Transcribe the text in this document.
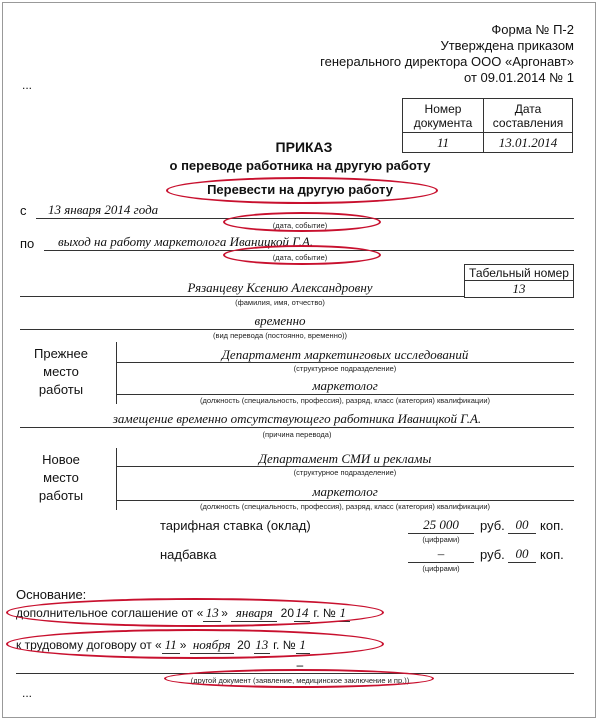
Форма № П-2
Утверждена приказом
генерального директора ООО «Аргонавт»
от 09.01.2014 № 1
...
Номер документа	Дата составления
11	13.01.2014
ПРИКАЗ
о переводе работника на другую работу
Перевести на другую работу
с 13 января 2014 года
(дата, событие)
по выход на работу маркетолога Иваницкой Г.А.
(дата, событие)
Табельный номер
13
Рязанцеву Ксению Александровну
(фамилия, имя, отчество)
временно
(вид перевода (постоянно, временно))
Прежнее
место
работы
Департамент маркетинговых исследований
(структурное подразделение)
маркетолог
(должность (специальность, профессия), разряд, класс (категория) квалификации)
замещение временно отсутствующего работника Иваницкой Г.А.
(причина перевода)
Новое
место
работы
Департамент СМИ и рекламы
(структурное подразделение)
маркетолог
(должность (специальность, профессия), разряд, класс (категория) квалификации)
тарифная ставка (оклад)	25 000
(цифрами)
руб. 00 коп.
надбавка	–
(цифрами)
руб. 00 коп.
Основание:
дополнительное соглашение от « 13 » января 20 14 г. № 1
к трудовому договору от « 11 » ноября 20 13 г. № 1
–
(другой документ (заявление, медицинское заключение и пр.))
...
